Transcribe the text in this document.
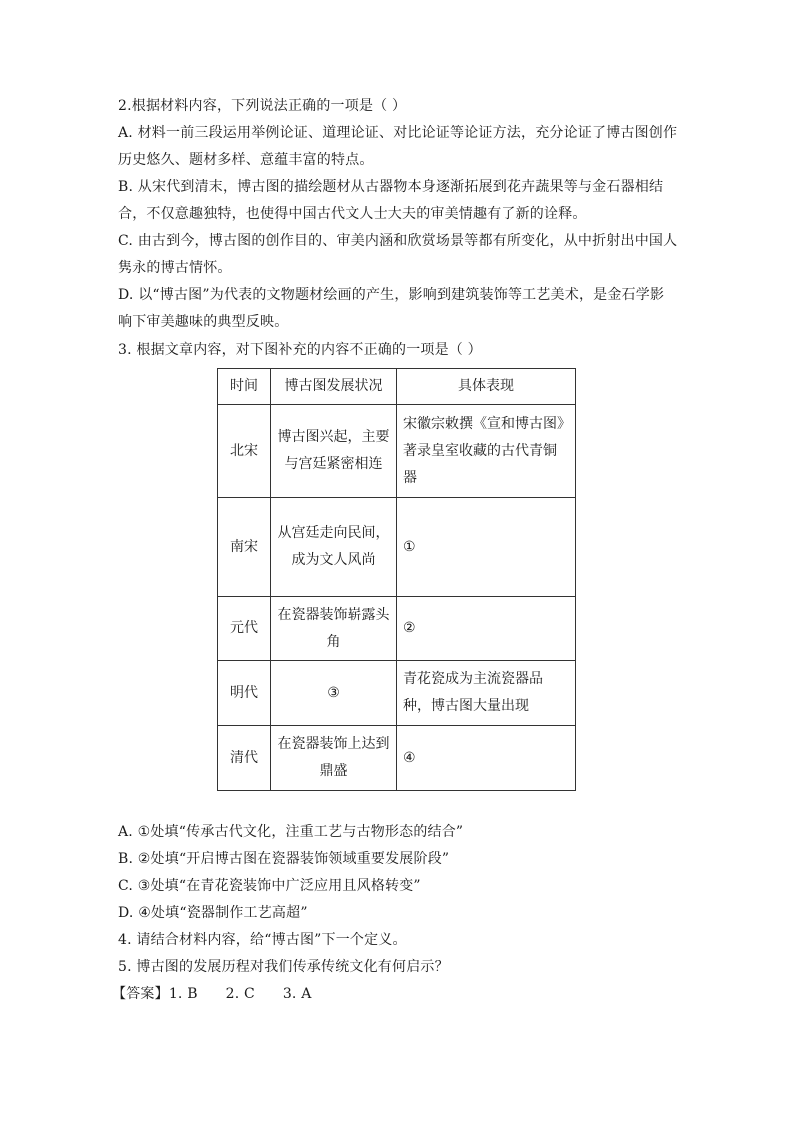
2.根据材料内容，下列说法正确的一项是（ ）
A. 材料一前三段运用举例论证、道理论证、对比论证等论证方法，充分论证了博古图创作
历史悠久、题材多样、意蕴丰富的特点。
B. 从宋代到清末，博古图的描绘题材从古器物本身逐渐拓展到花卉蔬果等与金石器相结
合，不仅意趣独特，也使得中国古代文人士大夫的审美情趣有了新的诠释。
C. 由古到今，博古图的创作目的、审美内涵和欣赏场景等都有所变化，从中折射出中国人
隽永的博古情怀。
D. 以“博古图”为代表的文物题材绘画的产生，影响到建筑装饰等工艺美术，是金石学影
响下审美趣味的典型反映。
3. 根据文章内容，对下图补充的内容不正确的一项是（ ）
时间	博古图发展状况	具体表现
北宋	博古图兴起，主要与宫廷紧密相连	宋徽宗敕撰《宣和博古图》著录皇室收藏的古代青铜器
南宋	从宫廷走向民间，成为文人风尚	①
元代	在瓷器装饰崭露头角	②
明代	③	青花瓷成为主流瓷器品种，博古图大量出现
清代	在瓷器装饰上达到鼎盛	④
A. ①处填“传承古代文化，注重工艺与古物形态的结合”
B. ②处填“开启博古图在瓷器装饰领域重要发展阶段”
C. ③处填“在青花瓷装饰中广泛应用且风格转变”
D. ④处填“瓷器制作工艺高超”
4. 请结合材料内容，给“博古图”下一个定义。
5. 博古图的发展历程对我们传承传统文化有何启示？
【答案】1. B      2. C      3. A
